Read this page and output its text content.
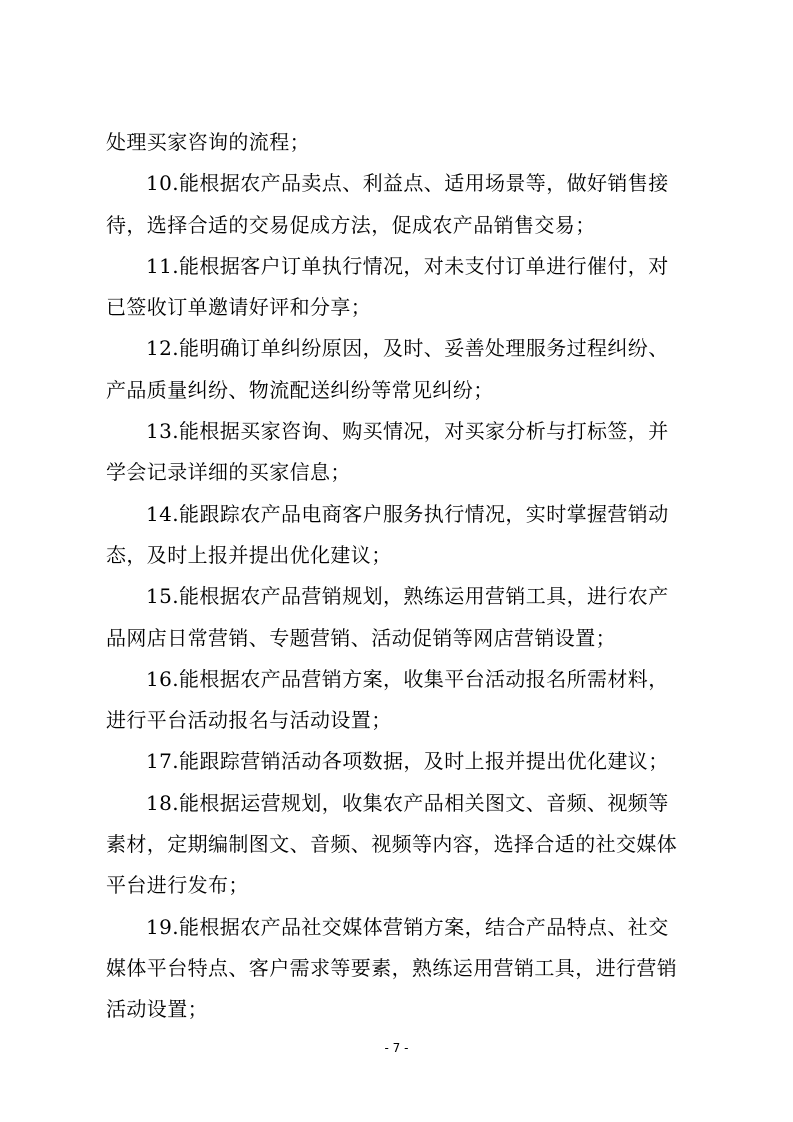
处理买家咨询的流程；

10.能根据农产品卖点、利益点、适用场景等，做好销售接

待，选择合适的交易促成方法，促成农产品销售交易；

11.能根据客户订单执行情况，对未支付订单进行催付，对

已签收订单邀请好评和分享；

12.能明确订单纠纷原因，及时、妥善处理服务过程纠纷、

产品质量纠纷、物流配送纠纷等常见纠纷；

13.能根据买家咨询、购买情况，对买家分析与打标签，并

学会记录详细的买家信息；

14.能跟踪农产品电商客户服务执行情况，实时掌握营销动

态，及时上报并提出优化建议；

15.能根据农产品营销规划，熟练运用营销工具，进行农产

品网店日常营销、专题营销、活动促销等网店营销设置；

16.能根据农产品营销方案，收集平台活动报名所需材料，

进行平台活动报名与活动设置；

17.能跟踪营销活动各项数据，及时上报并提出优化建议；

18.能根据运营规划，收集农产品相关图文、音频、视频等

素材，定期编制图文、音频、视频等内容，选择合适的社交媒体

平台进行发布；

19.能根据农产品社交媒体营销方案，结合产品特点、社交

媒体平台特点、客户需求等要素，熟练运用营销工具，进行营销

活动设置；

- 7 -
